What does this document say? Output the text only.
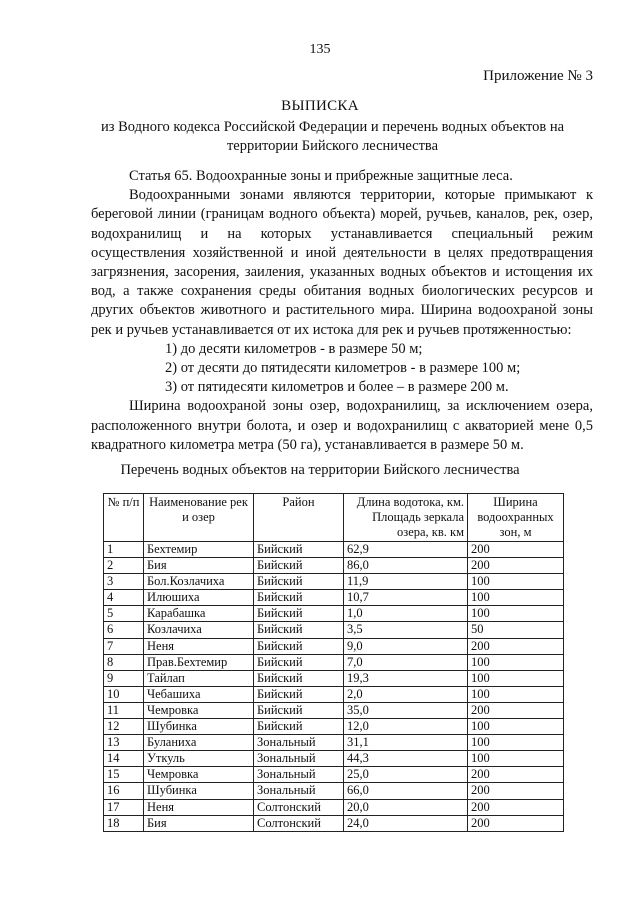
135
Приложение № 3
ВЫПИСКА
из Водного кодекса Российской Федерации и перечень водных объектов на территории Бийского лесничества

Статья 65. Водоохранные зоны и прибрежные защитные леса.

Водоохранными зонами являются территории, которые примыкают к береговой линии (границам водного объекта) морей, ручьев, каналов, рек, озер, водохранилищ и на которых устанавливается специальный режим осуществления хозяйственной и иной деятельности в целях предотвращения загрязнения, засорения, заиления, указанных водных объектов и истощения их вод, а также сохранения среды обитания водных биологических ресурсов и других объектов животного и растительного мира. Ширина водоохраной зоны рек и ручьев устанавливается от их истока для рек и ручьев протяженностью:

1) до десяти километров - в размере 50 м;

2) от десяти до пятидесяти километров - в размере 100 м;

3) от пятидесяти километров и более – в размере 200 м.

Ширина водоохраной зоны озер, водохранилищ, за исключением озера, расположенного внутри болота, и озер и водохранилищ с акваторией мене 0,5 квадратного километра метра (50 га), устанавливается в размере 50 м.

Перечень водных объектов на территории Бийского лесничества
№ п/п	Наименование рек и озер	Район	Длина водотока, км. Площадь зеркала озера, кв. км	Ширина водоохранных зон, м
1	Бехтемир	Бийский	62,9	200
2	Бия	Бийский	86,0	200
3	Бол.Козлачиха	Бийский	11,9	100
4	Илюшиха	Бийский	10,7	100
5	Карабашка	Бийский	1,0	100
6	Козлачиха	Бийский	3,5	50
7	Неня	Бийский	9,0	200
8	Прав.Бехтемир	Бийский	7,0	100
9	Тайлап	Бийский	19,3	100
10	Чебашиха	Бийский	2,0	100
11	Чемровка	Бийский	35,0	200
12	Шубинка	Бийский	12,0	100
13	Буланиха	Зональный	31,1	100
14	Уткуль	Зональный	44,3	100
15	Чемровка	Зональный	25,0	200
16	Шубинка	Зональный	66,0	200
17	Неня	Солтонский	20,0	200
18	Бия	Солтонский	24,0	200
